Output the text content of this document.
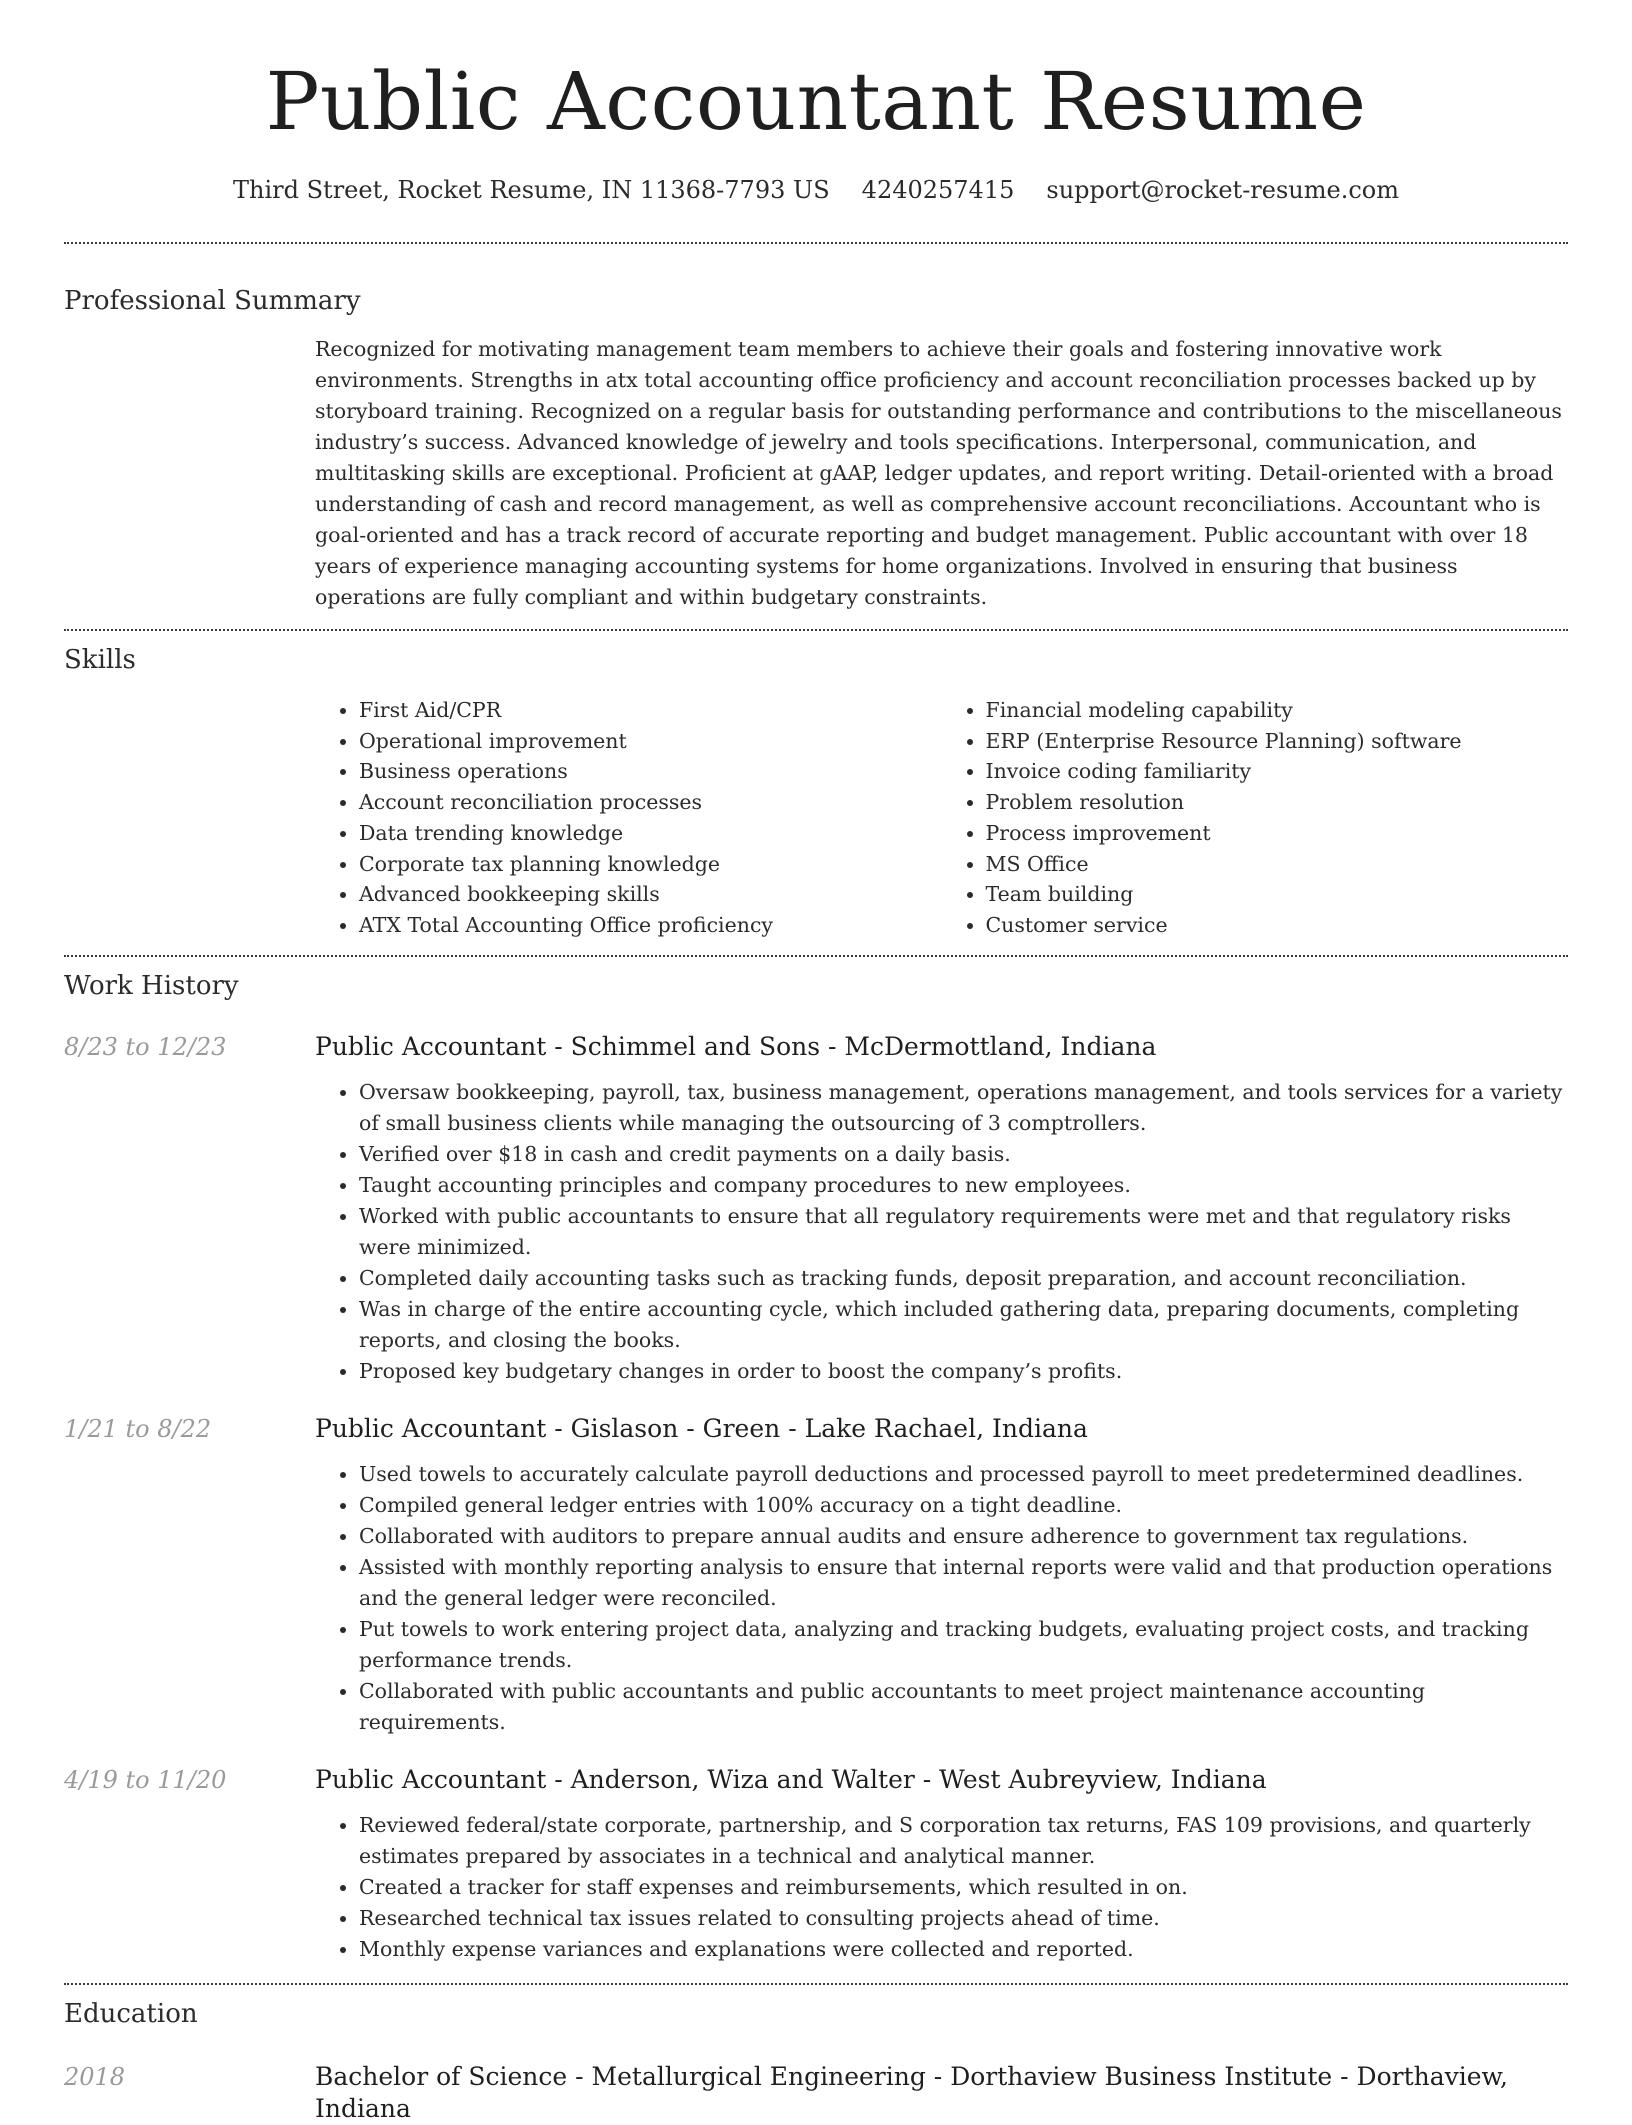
Public Accountant Resume
Third Street, Rocket Resume, IN 11368-7793 US 4240257415 support@rocket-resume.com
Professional Summary
Recognized for motivating management team members to achieve their goals and fostering innovative work environments. Strengths in atx total accounting office proficiency and account reconciliation processes backed up by storyboard training. Recognized on a regular basis for outstanding performance and contributions to the miscellaneous industry’s success. Advanced knowledge of jewelry and tools specifications. Interpersonal, communication, and multitasking skills are exceptional. Proficient at gAAP, ledger updates, and report writing. Detail-oriented with a broad understanding of cash and record management, as well as comprehensive account reconciliations. Accountant who is goal-oriented and has a track record of accurate reporting and budget management. Public accountant with over 18 years of experience managing accounting systems for home organizations. Involved in ensuring that business operations are fully compliant and within budgetary constraints.
Skills
• First Aid/CPR
• Operational improvement
• Business operations
• Account reconciliation processes
• Data trending knowledge
• Corporate tax planning knowledge
• Advanced bookkeeping skills
• ATX Total Accounting Office proficiency
• Financial modeling capability
• ERP (Enterprise Resource Planning) software
• Invoice coding familiarity
• Problem resolution
• Process improvement
• MS Office
• Team building
• Customer service
Work History
8/23 to 12/23	Public Accountant - Schimmel and Sons - McDermottland, Indiana
• Oversaw bookkeeping, payroll, tax, business management, operations management, and tools services for a variety of small business clients while managing the outsourcing of 3 comptrollers.
• Verified over $18 in cash and credit payments on a daily basis.
• Taught accounting principles and company procedures to new employees.
• Worked with public accountants to ensure that all regulatory requirements were met and that regulatory risks were minimized.
• Completed daily accounting tasks such as tracking funds, deposit preparation, and account reconciliation.
• Was in charge of the entire accounting cycle, which included gathering data, preparing documents, completing reports, and closing the books.
• Proposed key budgetary changes in order to boost the company’s profits.
1/21 to 8/22	Public Accountant - Gislason - Green - Lake Rachael, Indiana
• Used towels to accurately calculate payroll deductions and processed payroll to meet predetermined deadlines.
• Compiled general ledger entries with 100% accuracy on a tight deadline.
• Collaborated with auditors to prepare annual audits and ensure adherence to government tax regulations.
• Assisted with monthly reporting analysis to ensure that internal reports were valid and that production operations and the general ledger were reconciled.
• Put towels to work entering project data, analyzing and tracking budgets, evaluating project costs, and tracking performance trends.
• Collaborated with public accountants and public accountants to meet project maintenance accounting requirements.
4/19 to 11/20	Public Accountant - Anderson, Wiza and Walter - West Aubreyview, Indiana
• Reviewed federal/state corporate, partnership, and S corporation tax returns, FAS 109 provisions, and quarterly estimates prepared by associates in a technical and analytical manner.
• Created a tracker for staff expenses and reimbursements, which resulted in on.
• Researched technical tax issues related to consulting projects ahead of time.
• Monthly expense variances and explanations were collected and reported.
Education
2018	Bachelor of Science - Metallurgical Engineering - Dorthaview Business Institute - Dorthaview, Indiana
